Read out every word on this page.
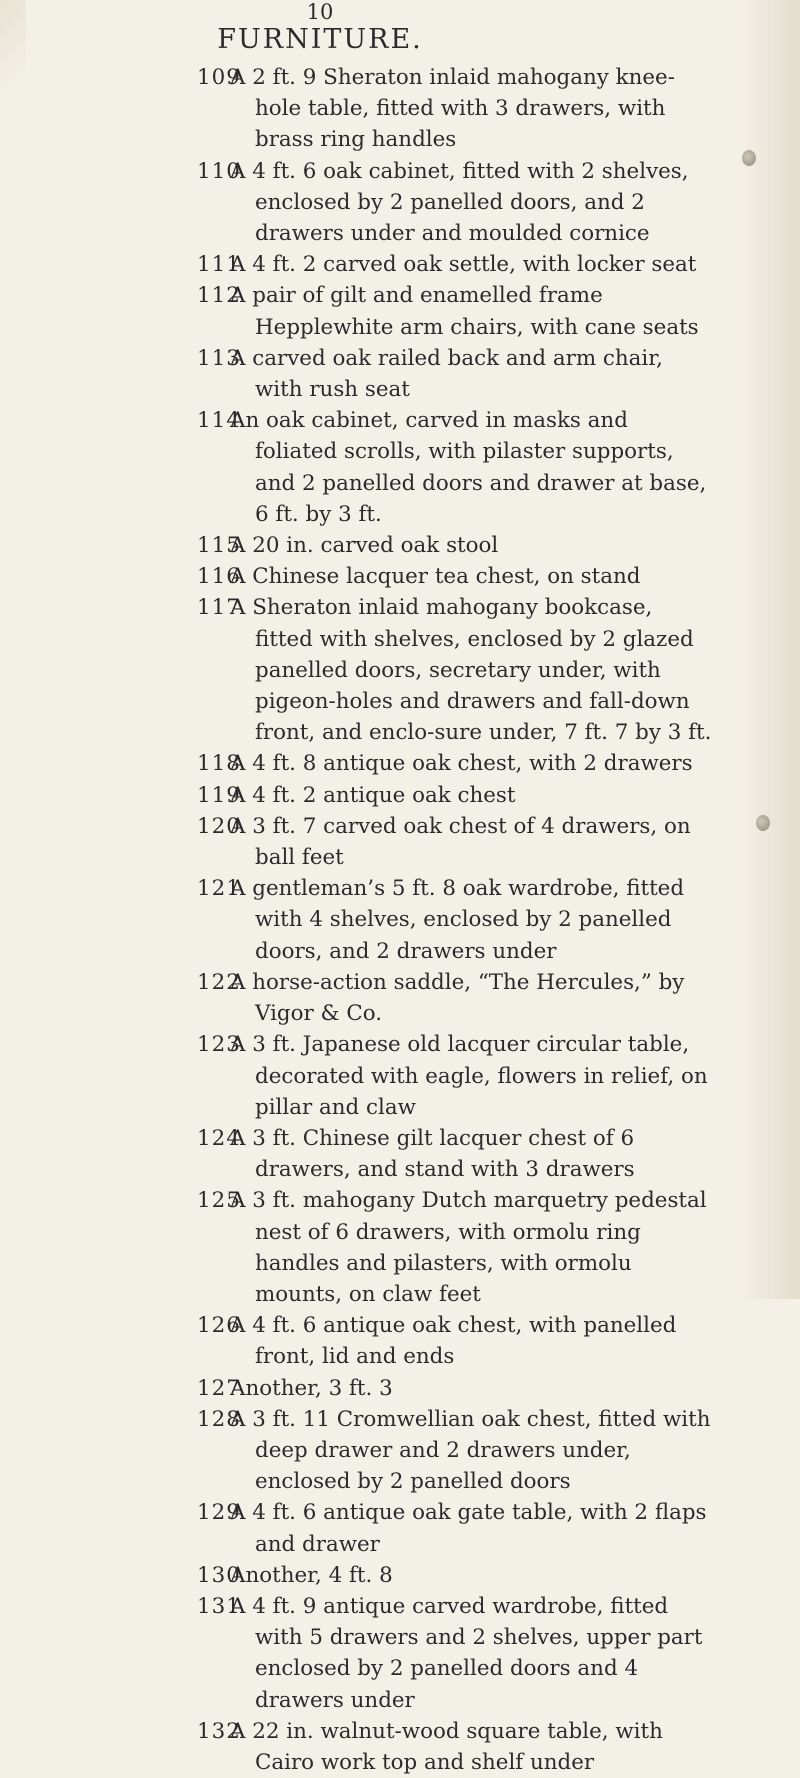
10
FURNITURE.

109
A 2 ft. 9 Sheraton inlaid mahogany knee-hole table, fitted with 3 drawers, with brass ring handles

110
A 4 ft. 6 oak cabinet, fitted with 2 shelves, enclosed by 2 panelled doors, and 2 drawers under and moulded cornice

111
A 4 ft. 2 carved oak settle, with locker seat

112
A pair of gilt and enamelled frame Hepplewhite arm chairs, with cane seats

113
A carved oak railed back and arm chair, with rush seat

114
An oak cabinet, carved in masks and foliated scrolls, with pilaster supports, and 2 panelled doors and drawer at base, 6 ft. by 3 ft.

115
A 20 in. carved oak stool

116
A Chinese lacquer tea chest, on stand

117
A Sheraton inlaid mahogany bookcase, fitted with shelves, enclosed by 2 glazed panelled doors, secretary under, with pigeon-holes and drawers and fall-down front, and enclo-sure under, 7 ft. 7 by 3 ft.

118
A 4 ft. 8 antique oak chest, with 2 drawers

119
A 4 ft. 2 antique oak chest

120
A 3 ft. 7 carved oak chest of 4 drawers, on ball feet

121
A gentleman’s 5 ft. 8 oak wardrobe, fitted with 4 shelves, enclosed by 2 panelled doors, and 2 drawers under

122
A horse-action saddle, “The Hercules,” by Vigor & Co.

123
A 3 ft. Japanese old lacquer circular table, decorated with eagle, flowers in relief, on pillar and claw

124
A 3 ft. Chinese gilt lacquer chest of 6 drawers, and stand with 3 drawers

125
A 3 ft. mahogany Dutch marquetry pedestal nest of 6 drawers, with ormolu ring handles and pilasters, with ormolu mounts, on claw feet

126
A 4 ft. 6 antique oak chest, with panelled front, lid and ends

127
Another, 3 ft. 3

128
A 3 ft. 11 Cromwellian oak chest, fitted with deep drawer and 2 drawers under, enclosed by 2 panelled doors

129
A 4 ft. 6 antique oak gate table, with 2 flaps and drawer

130
Another, 4 ft. 8

131
A 4 ft. 9 antique carved wardrobe, fitted with 5 drawers and 2 shelves, upper part enclosed by 2 panelled doors and 4 drawers under

132
A 22 in. walnut-wood square table, with Cairo work top and shelf under
